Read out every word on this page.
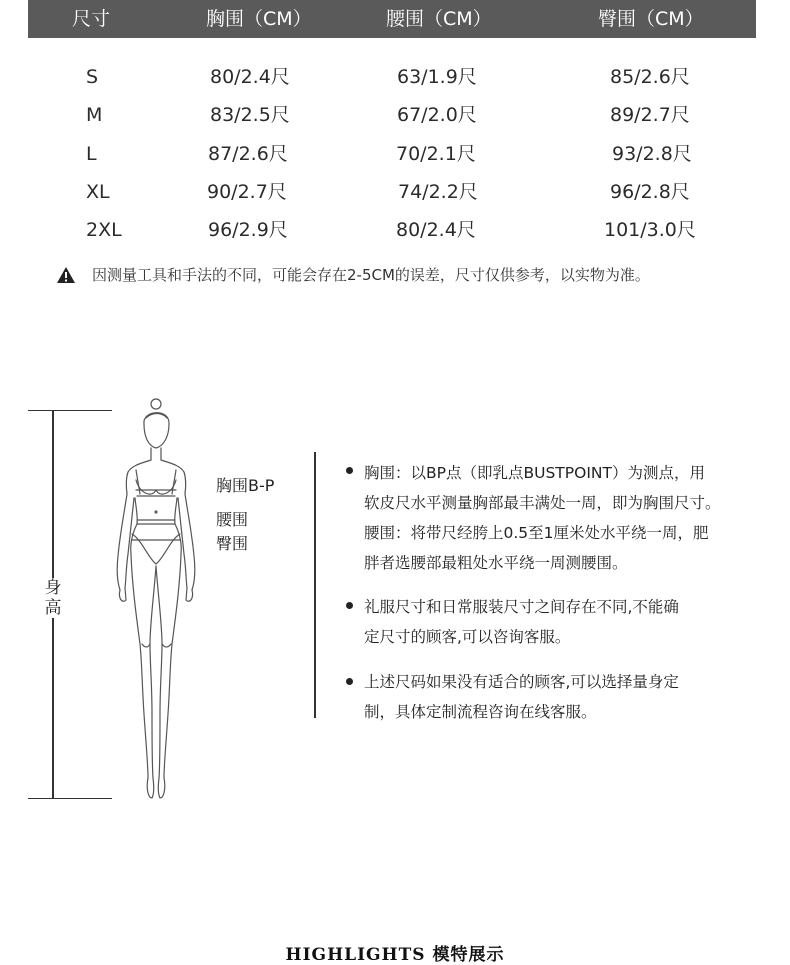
尺寸	胸围（CM）	腰围（CM）	臀围（CM）
S	80/2.4尺	63/1.9尺	85/2.6尺
M	83/2.5尺	67/2.0尺	89/2.7尺
L	87/2.6尺	70/2.1尺	93/2.8尺
XL	90/2.7尺	74/2.2尺	96/2.8尺
2XL	96/2.9尺	80/2.4尺	101/3.0尺
因测量工具和手法的不同，可能会存在2-5CM的误差，尺寸仅供参考，以实物为准。
身高
胸围B-P
腰围
臀围
胸围：以BP点（即乳点BUSTPOINT）为测点，用
软皮尺水平测量胸部最丰满处一周，即为胸围尺寸。
腰围：将带尺经胯上0.5至1厘米处水平绕一周，肥
胖者选腰部最粗处水平绕一周测腰围。
礼服尺寸和日常服装尺寸之间存在不同,不能确
定尺寸的顾客,可以咨询客服。
上述尺码如果没有适合的顾客,可以选择量身定
制，具体定制流程咨询在线客服。
HIGHLIGHTS 模特展示
